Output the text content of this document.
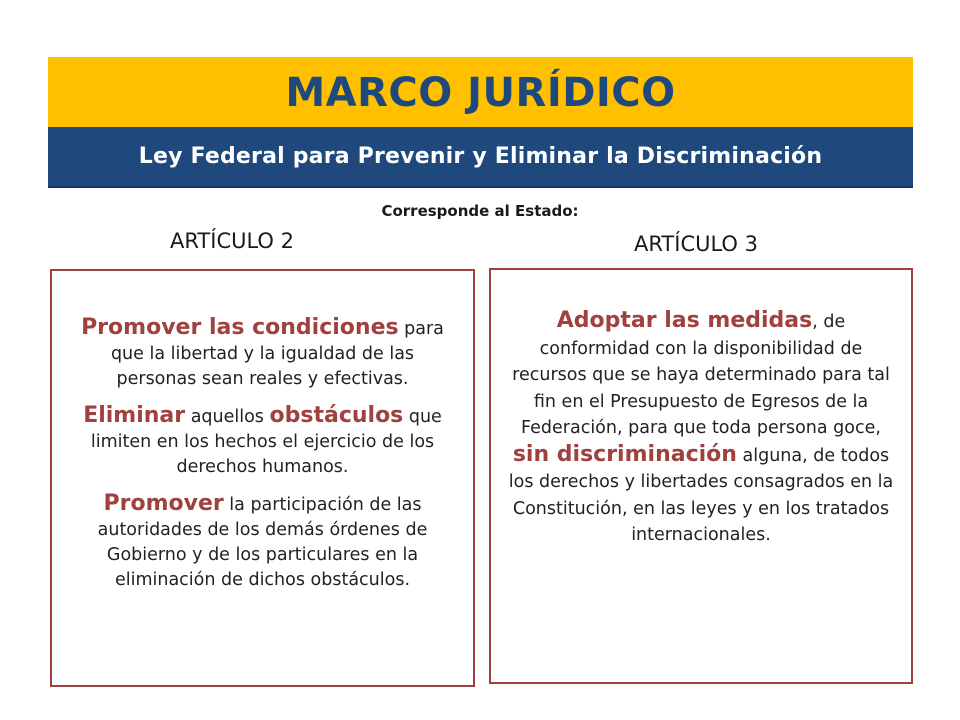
MARCO JURÍDICO
Ley Federal para Prevenir y Eliminar la Discriminación
Corresponde al Estado:
ARTÍCULO 2	ARTÍCULO 3

Promover las condiciones para que la libertad y la igualdad de las personas sean reales y efectivas.

Eliminar aquellos obstáculos que limiten en los hechos el ejercicio de los derechos humanos.

Promover la participación de las autoridades de los demás órdenes de Gobierno y de los particulares en la eliminación de dichos obstáculos.

Adoptar las medidas, de conformidad con la disponibilidad de recursos que se haya determinado para tal fin en el Presupuesto de Egresos de la Federación, para que toda persona goce, sin discriminación alguna, de todos los derechos y libertades consagrados en la Constitución, en las leyes y en los tratados internacionales.
